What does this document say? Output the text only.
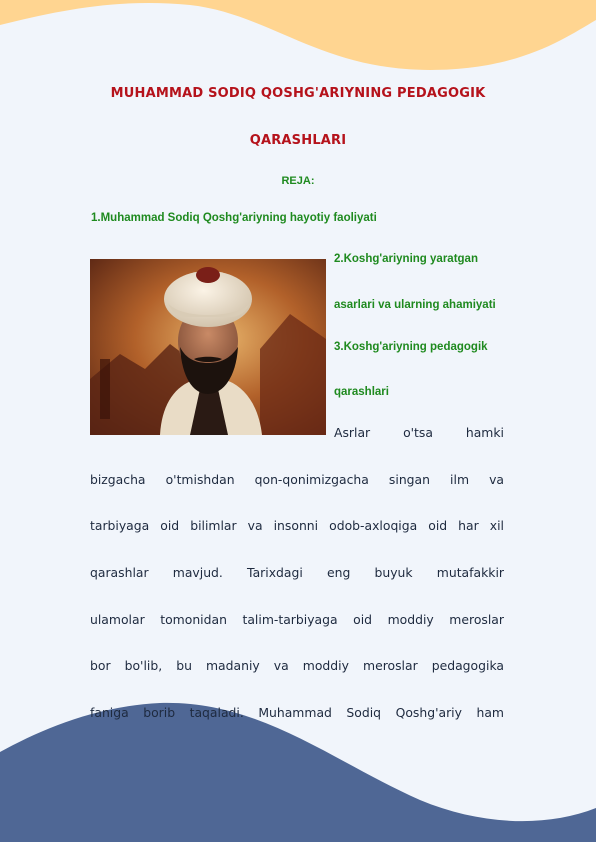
MUHAMMAD SODIQ QOSHG'ARIYNING PEDAGOGIK
QARASHLARI
REJA:
1.Muhammad Sodiq Qoshg'ariyning hayotiy faoliyati
2.Koshg'ariyning yaratgan
asarlari va ularning ahamiyati
3.Koshg'ariyning pedagogik
qarashlari
Asrlar o'tsa hamki
bizgacha o'tmishdan qon-qonimizgacha singan ilm va
tarbiyaga oid bilimlar va insonni odob-axloqiga oid har xil
qarashlar mavjud. Tarixdagi eng buyuk mutafakkir
ulamolar tomonidan talim-tarbiyaga oid moddiy meroslar
bor bo'lib, bu madaniy va moddiy meroslar pedagogika
faniga borib taqaladi. Muhammad Sodiq Qoshg'ariy ham
